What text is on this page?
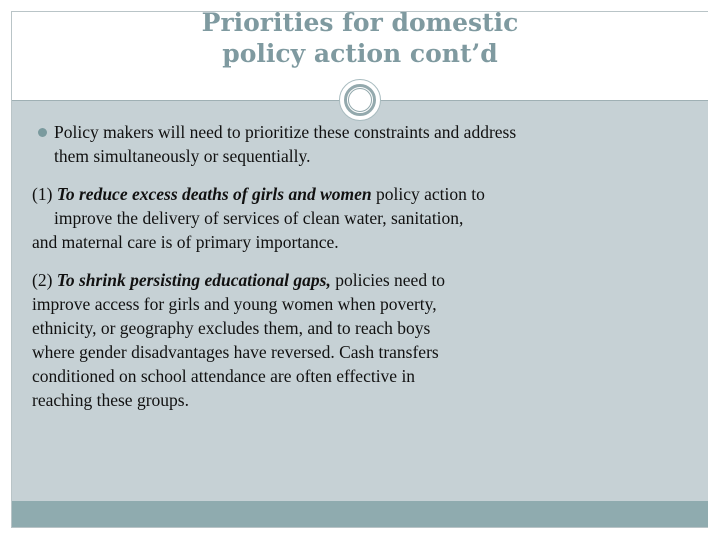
Priorities for domestic
policy action cont’d
Policy makers will need to prioritize these constraints and address
them simultaneously or sequentially.

(1) To reduce excess deaths of girls and women policy action to

improve the delivery of services of clean water, sanitation,

and maternal care is of primary importance.

(2) To shrink persisting educational gaps, policies need to

improve access for girls and young women when poverty,

ethnicity, or geography excludes them, and to reach boys

where gender disadvantages have reversed. Cash transfers

conditioned on school attendance are often effective in

reaching these groups.
